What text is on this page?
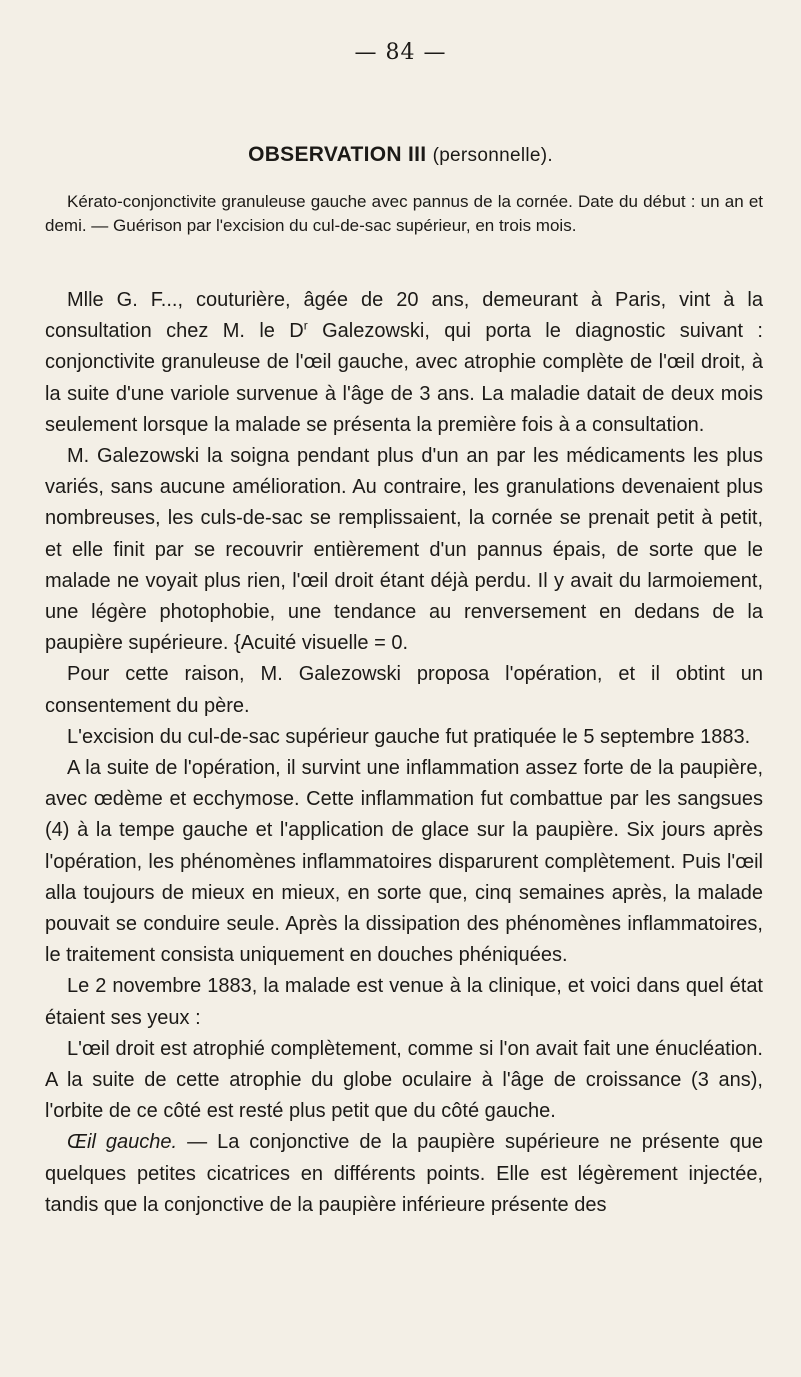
— 84 —
OBSERVATION III (personnelle).

Kérato-conjonctivite granuleuse gauche avec pannus de la cornée. Date du début : un an et demi. — Guérison par l'excision du cul-de-sac supérieur, en trois mois.

Mlle G. F..., couturière, âgée de 20 ans, demeurant à Paris, vint à la consultation chez M. le $D^r$ Galezowski, qui porta le diagnostic suivant : conjonctivite granuleuse de l'œil gauche, avec atrophie complète de l'œil droit, à la suite d'une variole survenue à l'âge de 3 ans. La maladie datait de deux mois seulement lorsque la malade se présenta la première fois à a consultation.

M. Galezowski la soigna pendant plus d'un an par les médicaments les plus variés, sans aucune amélioration. Au contraire, les granulations devenaient plus nombreuses, les culs-de-sac se remplissaient, la cornée se prenait petit à petit, et elle finit par se recouvrir entièrement d'un pannus épais, de sorte que le malade ne voyait plus rien, l'œil droit étant déjà perdu. Il y avait du larmoiement, une légère photophobie, une tendance au renversement en dedans de la paupière supérieure. {Acuité visuelle = 0.

Pour cette raison, M. Galezowski proposa l'opération, et il obtint un consentement du père.

L'excision du cul-de-sac supérieur gauche fut pratiquée le 5 septembre 1883.

A la suite de l'opération, il survint une inflammation assez forte de la paupière, avec œdème et ecchymose. Cette inflammation fut combattue par les sangsues (4) à la tempe gauche et l'application de glace sur la paupière. Six jours après l'opération, les phénomènes inflammatoires disparurent complètement. Puis l'œil alla toujours de mieux en mieux, en sorte que, cinq semaines après, la malade pouvait se conduire seule. Après la dissipation des phénomènes inflammatoires, le traitement consista uniquement en douches phéniquées.

Le 2 novembre 1883, la malade est venue à la clinique, et voici dans quel état étaient ses yeux :

L'œil droit est atrophié complètement, comme si l'on avait fait une énucléation. A la suite de cette atrophie du globe oculaire à l'âge de croissance (3 ans), l'orbite de ce côté est resté plus petit que du côté gauche.

Œil gauche. — La conjonctive de la paupière supérieure ne présente que quelques petites cicatrices en différents points. Elle est légèrement injectée, tandis que la conjonctive de la paupière inférieure présente des
